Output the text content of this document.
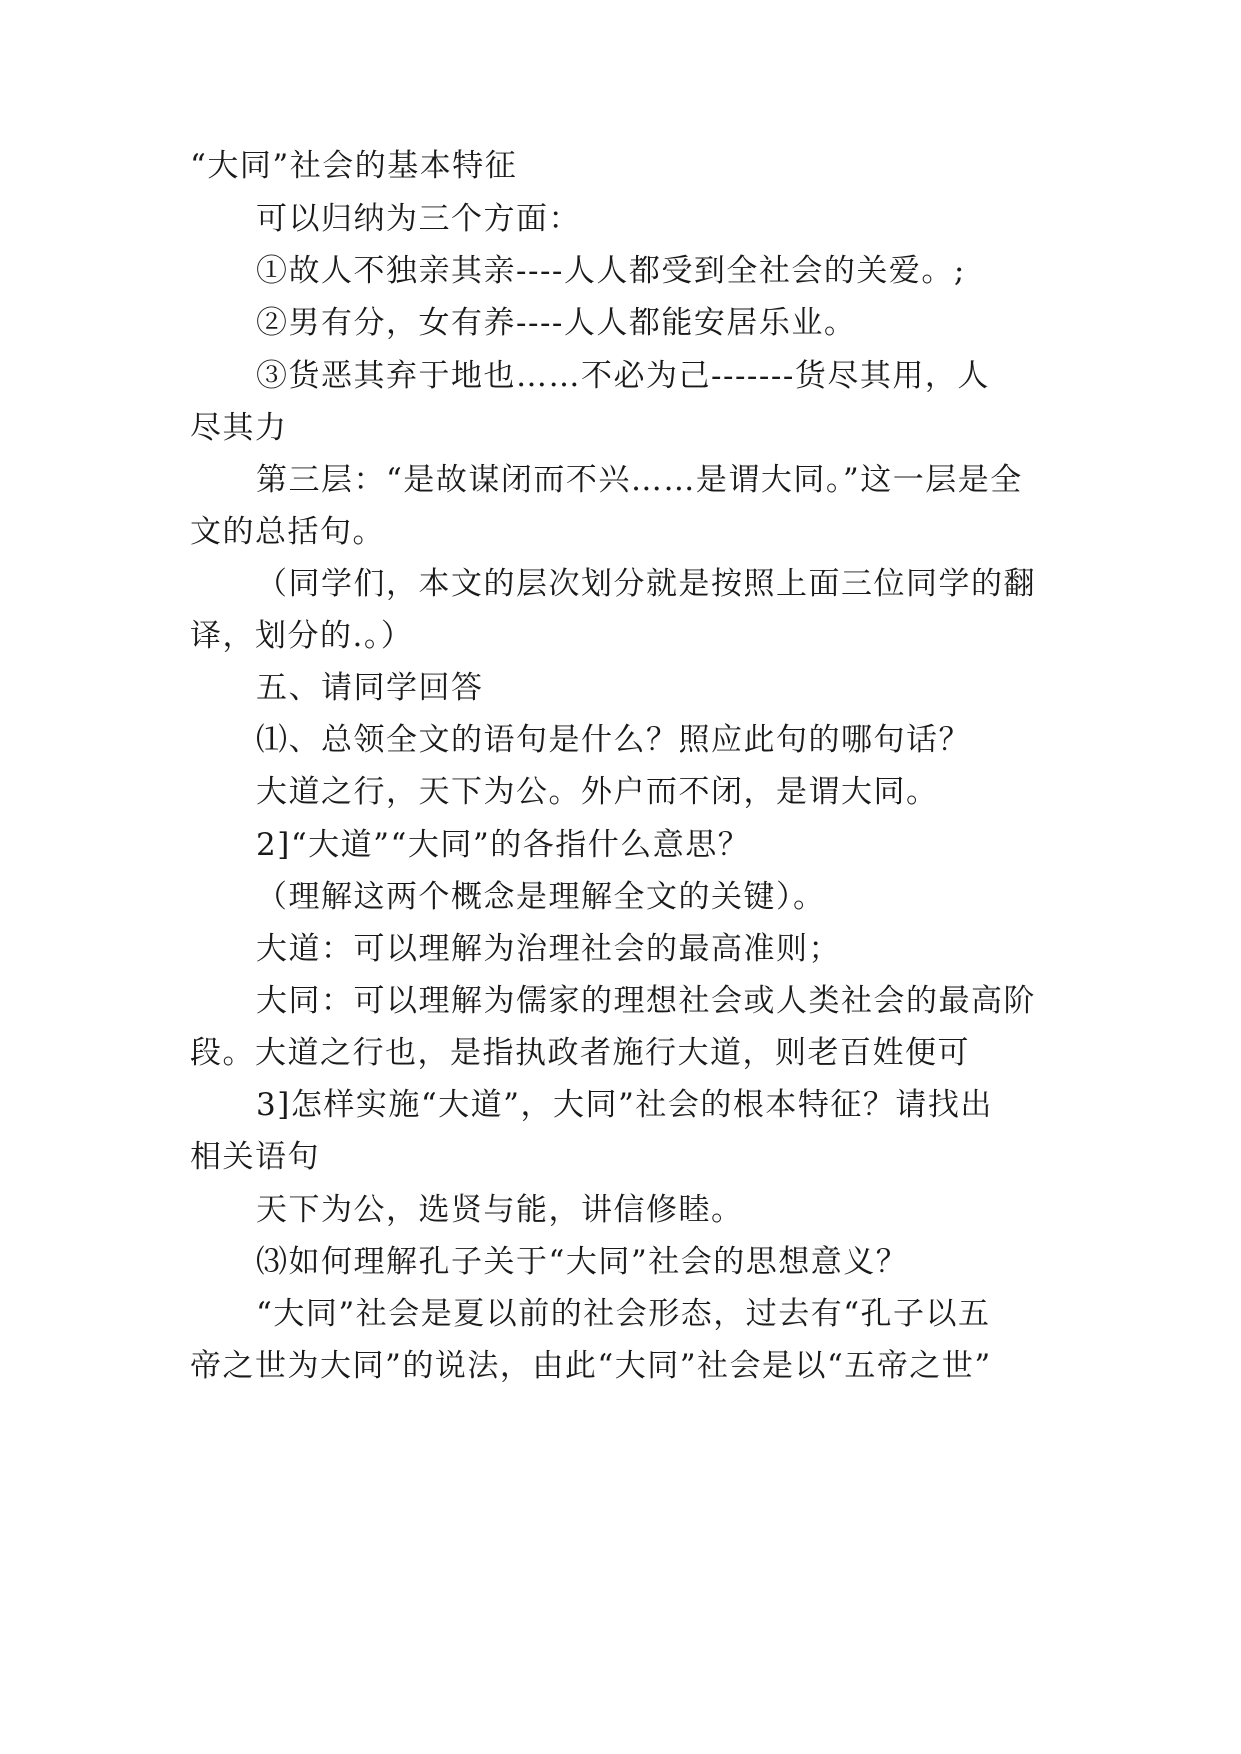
“大同”社会的基本特征
可以归纳为三个方面：
①故人不独亲其亲----人人都受到全社会的关爱。;
②男有分，女有养----人人都能安居乐业。
③货恶其弃于地也……不必为己-------货尽其用，人
尽其力
第三层：“是故谋闭而不兴……是谓大同。”这一层是全
文的总括句。
（同学们，本文的层次划分就是按照上面三位同学的翻
译，划分的.。）
五、请同学回答
⑴、总领全文的语句是什么？照应此句的哪句话？
大道之行，天下为公。外户而不闭，是谓大同。
2]“大道”“大同”的各指什么意思？
（理解这两个概念是理解全文的关键）。
大道：可以理解为治理社会的最高准则；
大同：可以理解为儒家的理想社会或人类社会的最高阶
段。大道之行也，是指执政者施行大道，则老百姓便可
3]怎样实施“大道”，大同”社会的根本特征？请找出
相关语句
天下为公，选贤与能，讲信修睦。
⑶如何理解孔子关于“大同”社会的思想意义？
“大同”社会是夏以前的社会形态，过去有“孔子以五
帝之世为大同”的说法，由此“大同”社会是以“五帝之世”
